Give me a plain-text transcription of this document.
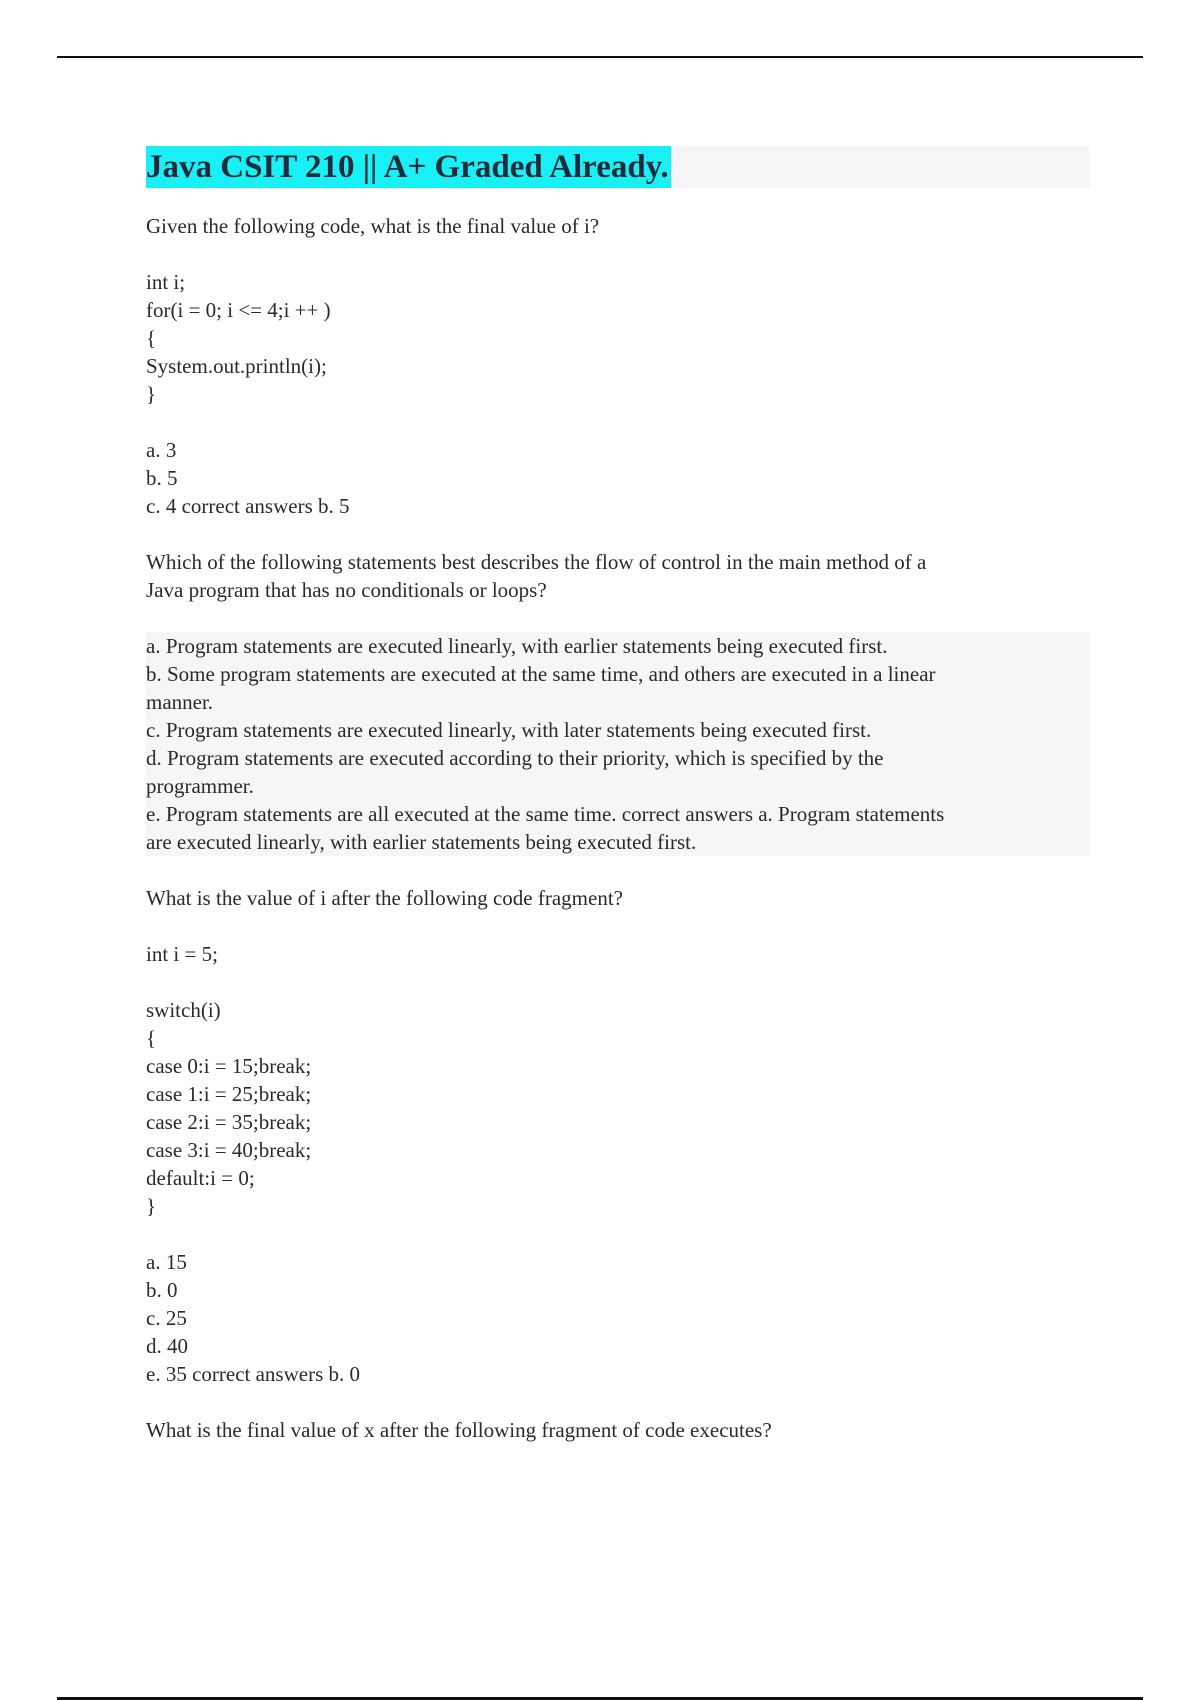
Java CSIT 210 || A+ Graded Already.

Given the following code, what is the final value of i?

int i;

for(i = 0; i <= 4;i ++ )

{

System.out.println(i);

}

a. 3

b. 5

c. 4 correct answers b. 5

Which of the following statements best describes the flow of control in the main method of a

Java program that has no conditionals or loops?

a. Program statements are executed linearly, with earlier statements being executed first.

b. Some program statements are executed at the same time, and others are executed in a linear

manner.

c. Program statements are executed linearly, with later statements being executed first.

d. Program statements are executed according to their priority, which is specified by the

programmer.

e. Program statements are all executed at the same time. correct answers a. Program statements

are executed linearly, with earlier statements being executed first.

What is the value of i after the following code fragment?

int i = 5;

switch(i)

{

case 0:i = 15;break;

case 1:i = 25;break;

case 2:i = 35;break;

case 3:i = 40;break;

default:i = 0;

}

a. 15

b. 0

c. 25

d. 40

e. 35 correct answers b. 0

What is the final value of x after the following fragment of code executes?
